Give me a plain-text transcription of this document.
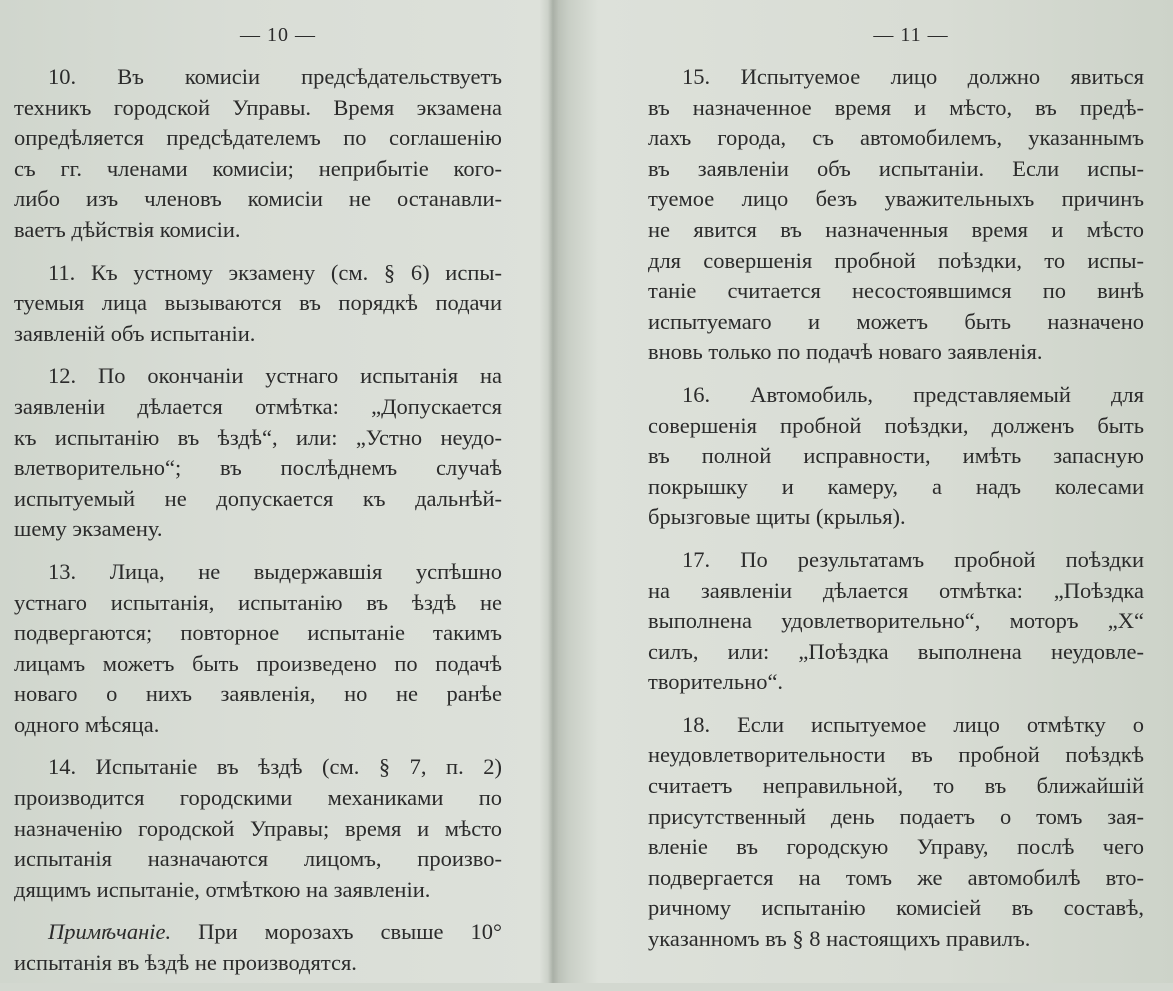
— 10 —
10. Въ комисiи предсѣдательствуетъ
техникъ городской Управы. Время экзамена
опредѣляется предсѣдателемъ по соглашенiю
съ гг. членами комисiи; неприбытiе кого-
либо изъ членовъ комисiи не останавли-
ваетъ дѣйствiя комисiи.
11. Къ устному экзамену (см. § 6) испы-
туемыя лица вызываются въ порядкѣ подачи
заявленiй объ испытанiи.
12. По окончанiи устнаго испытанiя на
заявленiи дѣлается отмѣтка: „Допускается
къ испытанiю въ ѣздѣ“, или: „Устно неудо-
влетворительно“; въ послѣднемъ случаѣ
испытуемый не допускается къ дальнѣй-
шему экзамену.
13. Лица, не выдержавшiя успѣшно
устнаго испытанiя, испытанiю въ ѣздѣ не
подвергаются; повторное испытанiе такимъ
лицамъ можетъ быть произведено по подачѣ
новаго о нихъ заявленiя, но не ранѣе
одного мѣсяца.
14. Испытанiе въ ѣздѣ (см. § 7, п. 2)
производится городскими механиками по
назначенiю городской Управы; время и мѣсто
испытанiя назначаются лицомъ, произво-
дящимъ испытанiе, отмѣткою на заявленiи.
Примѣчанiе. При морозахъ свыше 10°
испытанiя въ ѣздѣ не производятся.
— 11 —
15. Испытуемое лицо должно явиться
въ назначенное время и мѣсто, въ предѣ-
лахъ города, съ автомобилемъ, указаннымъ
въ заявленiи объ испытанiи. Если испы-
туемое лицо безъ уважительныхъ причинъ
не явится въ назначенныя время и мѣсто
для совершенiя пробной поѣздки, то испы-
танiе считается несостоявшимся по винѣ
испытуемаго и можетъ быть назначено
вновь только по подачѣ новаго заявленiя.
16. Автомобиль, представляемый для
совершенiя пробной поѣздки, долженъ быть
въ полной исправности, имѣть запасную
покрышку и камеру, а надъ колесами
брызговые щиты (крылья).
17. По результатамъ пробной поѣздки
на заявленiи дѣлается отмѣтка: „Поѣздка
выполнена удовлетворительно“, моторъ „X“
силъ, или: „Поѣздка выполнена неудовле-
творительно“.
18. Если испытуемое лицо отмѣтку о
неудовлетворительности въ пробной поѣздкѣ
считаетъ неправильной, то въ ближайшiй
присутственный день подаетъ о томъ зая-
вленiе въ городскую Управу, послѣ чего
подвергается на томъ же автомобилѣ вто-
ричному испытанiю комисiей въ составѣ,
указанномъ въ § 8 настоящихъ правилъ.
